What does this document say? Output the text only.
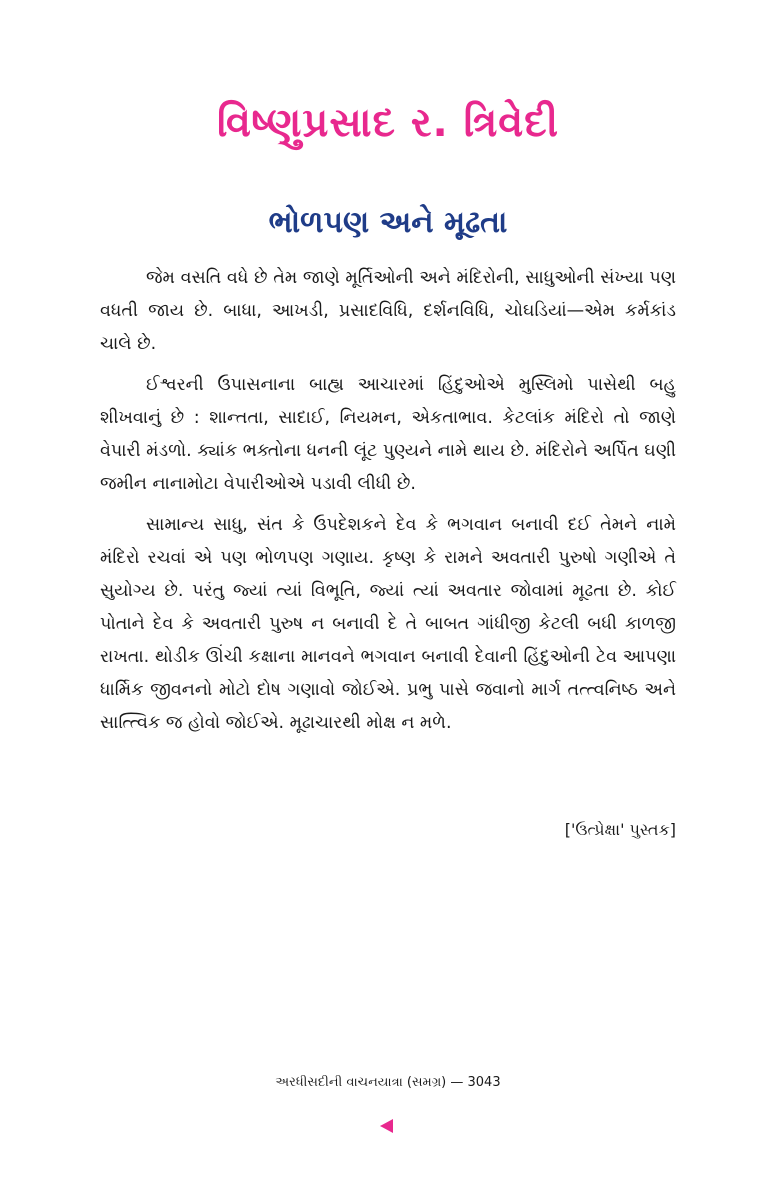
વિષ્ણુપ્રસાદ ર. ત્રિવેદી
ભોળપણ અને મૂઢતા

જેમ વસતિ વધે છે તેમ જાણે મૂર્તિઓની અને મંદિરોની, સાધુઓની સંખ્યા પણ વધતી જાય છે. બાધા, આખડી, પ્રસાદવિધિ, દર્શનવિધિ, ચોઘડિયાં—એમ કર્મકાંડ ચાલે છે.

ઈશ્વરની ઉપાસનાના બાહ્ય આચારમાં હિંદુઓએ મુસ્લિમો પાસેથી બહુ શીખવાનું છે : શાન્તતા, સાદાઈ, નિયમન, એકતાભાવ. કેટલાંક મંદિરો તો જાણે વેપારી મંડળો. ક્યાંક ભક્તોના ધનની લૂંટ પુણ્યને નામે થાય છે. મંદિરોને અર્પિત ઘણી જમીન નાનામોટા વેપારીઓએ પડાવી લીધી છે.

સામાન્ય સાધુ, સંત કે ઉપદેશકને દેવ કે ભગવાન બનાવી દઈ તેમને નામે મંદિરો રચવાં એ પણ ભોળપણ ગણાય. કૃષ્ણ કે રામને અવતારી પુરુષો ગણીએ તે સુયોગ્ય છે. પરંતુ જ્યાં ત્યાં વિભૂતિ, જ્યાં ત્યાં અવતાર જોવામાં મૂઢતા છે. કોઈ પોતાને દેવ કે અવતારી પુરુષ ન બનાવી દે તે બાબત ગાંધીજી કેટલી બધી કાળજી રાખતા. થોડીક ઊંચી કક્ષાના માનવને ભગવાન બનાવી દેવાની હિંદુઓની ટેવ આપણા ધાર્મિક જીવનનો મોટો દોષ ગણાવો જોઈએ. પ્રભુ પાસે જવાનો માર્ગ તત્ત્વનિષ્ઠ અને સાત્ત્વિક જ હોવો જોઈએ. મૂઢાચારથી મોક્ષ ન મળે.

['ઉત્પ્રેક્ષા' પુસ્તક]
અરધીસદીની વાચનયાત્રા (સમગ્ર) — 3043
